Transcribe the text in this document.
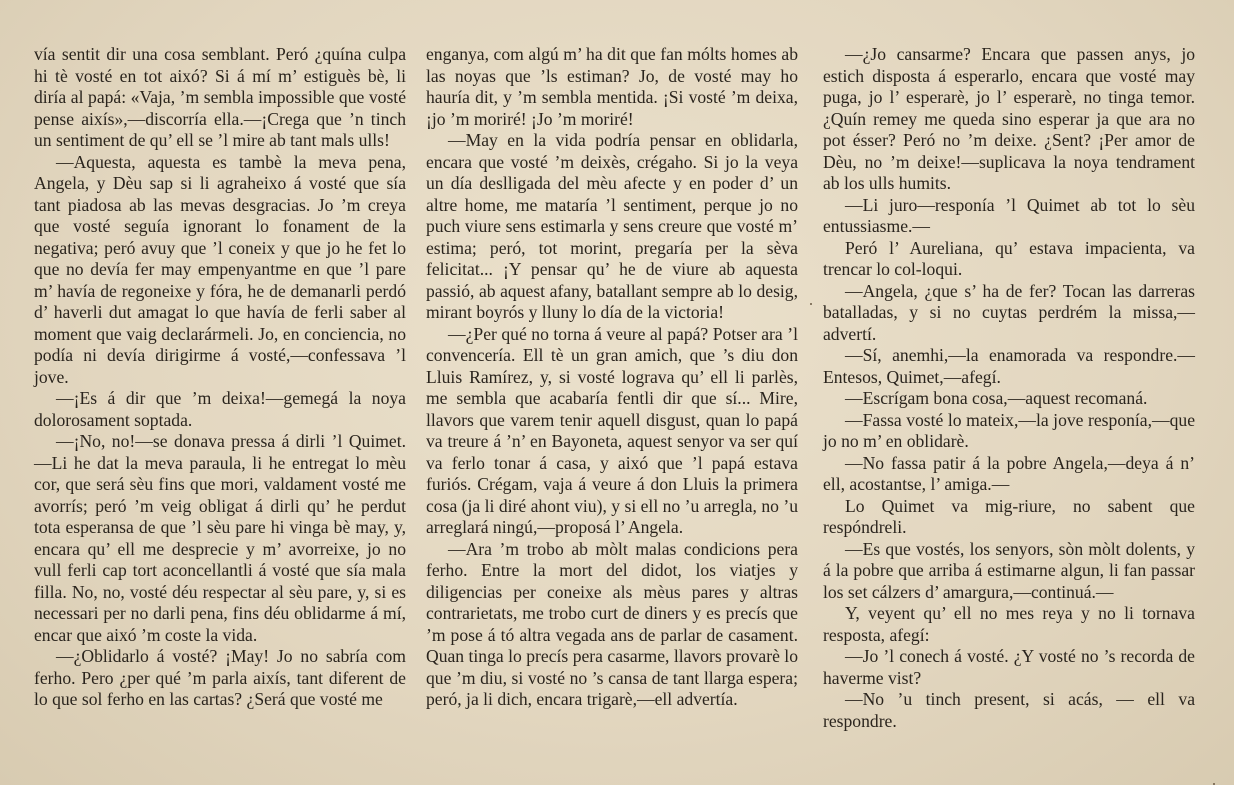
vía sentit dir una cosa semblant. Peró ¿quína culpa hi tè vosté en tot aixó? Si á mí m’ estiguès bè, li diría al papá: «Vaja, ’m sembla impossible que vosté pense aixís»,—discorría ella.—¡Crega que ’n tinch un sentiment de qu’ ell se ’l mire ab tant mals ulls!

—Aquesta, aquesta es tambè la meva pena, Angela, y Dèu sap si li agraheixo á vosté que sía tant piadosa ab las mevas desgracias. Jo ’m creya que vosté seguía ignorant lo fonament de la negativa; peró avuy que ’l coneix y que jo he fet lo que no devía fer may empenyantme en que ’l pare m’ havía de regoneixe y fóra, he de demanarli perdó d’ haverli dut amagat lo que havía de ferli saber al moment que vaig declarármeli. Jo, en conciencia, no podía ni devía dirigirme á vosté,—confessava ’l jove.

—¡Es á dir que ’m deixa!—gemegá la noya dolorosament soptada.

—¡No, no!—se donava pressa á dirli ’l Quimet. —Li he dat la meva paraula, li he entregat lo mèu cor, que será sèu fins que mori, valdament vosté me avorrís; peró ’m veig obligat á dirli qu’ he perdut tota esperansa de que ’l sèu pare hi vinga bè may, y, encara qu’ ell me desprecie y m’ avorreixe, jo no vull ferli cap tort aconcellantli á vosté que sía mala filla. No, no, vosté déu respectar al sèu pare, y, si es necessari per no darli pena, fins déu oblidarme á mí, encar que aixó ’m coste la vida.

—¿Oblidarlo á vosté? ¡May! Jo no sabría com ferho. Pero ¿per qué ’m parla aixís, tant diferent de lo que sol ferho en las cartas? ¿Será que vosté me

enganya, com algú m’ ha dit que fan mólts homes ab las noyas que ’ls estiman? Jo, de vosté may ho hauría dit, y ’m sembla mentida. ¡Si vosté ’m deixa, ¡jo ’m moriré! ¡Jo ’m moriré!

—May en la vida podría pensar en oblidarla, encara que vosté ’m deixès, crégaho. Si jo la veya un día deslligada del mèu afecte y en poder d’ un altre home, me mataría ’l sentiment, perque jo no puch viure sens estimarla y sens creure que vosté m’ estima; peró, tot morint, pregaría per la sèva felicitat... ¡Y pensar qu’ he de viure ab aquesta passió, ab aquest afany, batallant sempre ab lo desig, mirant boyrós y lluny lo día de la victoria!

—¿Per qué no torna á veure al papá? Potser ara ’l convencería. Ell tè un gran amich, que ’s diu don Lluis Ramírez, y, si vosté lograva qu’ ell li parlès, me sembla que acabaría fentli dir que sí... Mire, llavors que varem tenir aquell disgust, quan lo papá va treure á ’n’ en Bayoneta, aquest senyor va ser quí va ferlo tonar á casa, y aixó que ’l papá estava furiós. Crégam, vaja á veure á don Lluis la primera cosa (ja li diré ahont viu), y si ell no ’u arregla, no ’u arreglará ningú,—proposá l’ Angela.

—Ara ’m trobo ab mòlt malas condicions pera ferho. Entre la mort del didot, los viatjes y diligencias per coneixe als mèus pares y altras contrarietats, me trobo curt de diners y es precís que ’m pose á tó altra vegada ans de parlar de casament. Quan tinga lo precís pera casarme, llavors provarè lo que ’m diu, si vosté no ’s cansa de tant llarga espera; peró, ja li dich, encara trigarè,—ell advertía.

—¿Jo cansarme? Encara que passen anys, jo estich disposta á esperarlo, encara que vosté may puga, jo l’ esperarè, jo l’ esperarè, no tinga temor. ¿Quín remey me queda sino esperar ja que ara no pot ésser? Peró no ’m deixe. ¿Sent? ¡Per amor de Dèu, no ’m deixe!—suplicava la noya tendrament ab los ulls humits.

—Li juro—responía ’l Quimet ab tot lo sèu entussiasme.—

Peró l’ Aureliana, qu’ estava impacienta, va trencar lo col-loqui.

—Angela, ¿que s’ ha de fer? Tocan las darreras batalladas, y si no cuytas perdrém la missa,—advertí.

—Sí, anemhi,—la enamorada va respondre.— Entesos, Quimet,—afegí.

—Escrígam bona cosa,—aquest recomaná.

—Fassa vosté lo mateix,—la jove responía,—que jo no m’ en oblidarè.

—No fassa patir á la pobre Angela,—deya á n’ ell, acostantse, l’ amiga.—

Lo Quimet va mig-riure, no sabent que respóndreli.

—Es que vostés, los senyors, sòn mòlt dolents, y á la pobre que arriba á estimarne algun, li fan passar los set cálzers d’ amargura,—continuá.—

Y, veyent qu’ ell no mes reya y no li tornava resposta, afegí:

—Jo ’l conech á vosté. ¿Y vosté no ’s recorda de haverme vist?

—No ’u tinch present, si acás, — ell va respondre.
